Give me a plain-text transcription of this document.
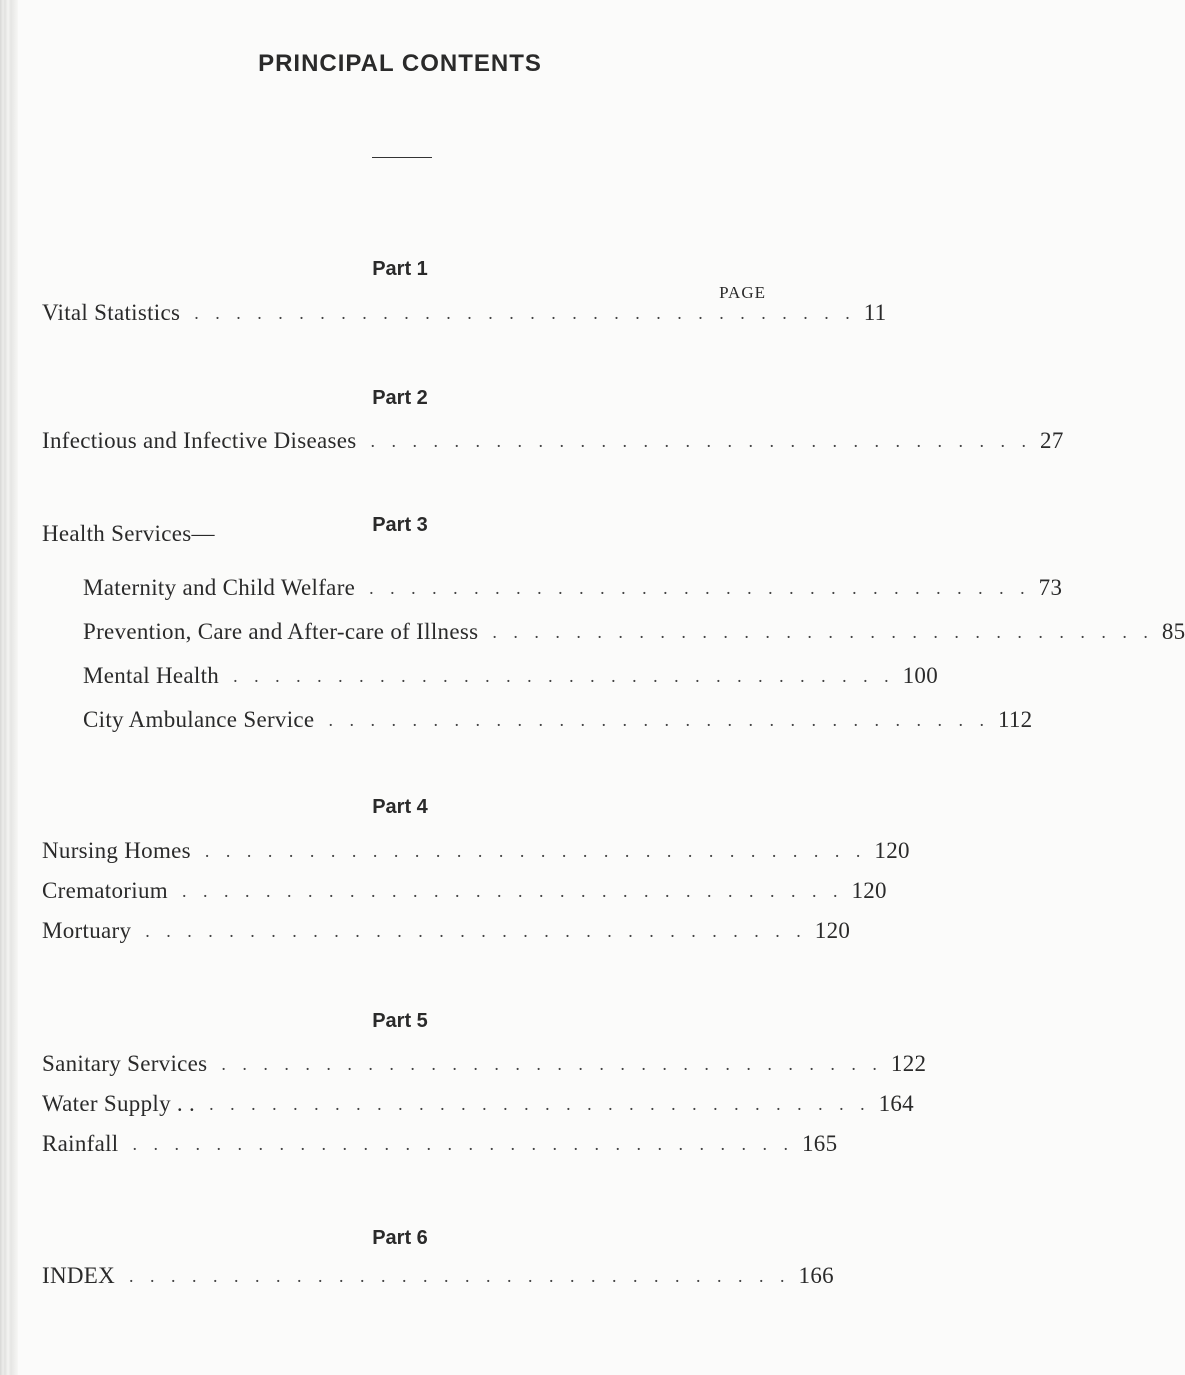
PRINCIPAL CONTENTS
Part 1
PAGE
Vital Statistics . . . . . . . . . . . . . . . . . . . . . . . . . . . . . . . . 11
Part 2
Infectious and Infective Diseases . . . . . . . . . . . . . . . . . . . . . . . . . . . . . . . . 27
Part 3
Health Services—
Maternity and Child Welfare . . . . . . . . . . . . . . . . . . . . . . . . . . . . . . . . 73
Prevention, Care and After-care of Illness . . . . . . . . . . . . . . . . . . . . . . . . . . . . . . . . 85
Mental Health . . . . . . . . . . . . . . . . . . . . . . . . . . . . . . . . 100
City Ambulance Service . . . . . . . . . . . . . . . . . . . . . . . . . . . . . . . . 112
Part 4
Nursing Homes . . . . . . . . . . . . . . . . . . . . . . . . . . . . . . . . 120
Crematorium . . . . . . . . . . . . . . . . . . . . . . . . . . . . . . . . 120
Mortuary . . . . . . . . . . . . . . . . . . . . . . . . . . . . . . . . 120
Part 5
Sanitary Services . . . . . . . . . . . . . . . . . . . . . . . . . . . . . . . . 122
Water Supply . . . . . . . . . . . . . . . . . . . . . . . . . . . . . . . . . . 164
Rainfall . . . . . . . . . . . . . . . . . . . . . . . . . . . . . . . . 165
Part 6
INDEX . . . . . . . . . . . . . . . . . . . . . . . . . . . . . . . . 166
